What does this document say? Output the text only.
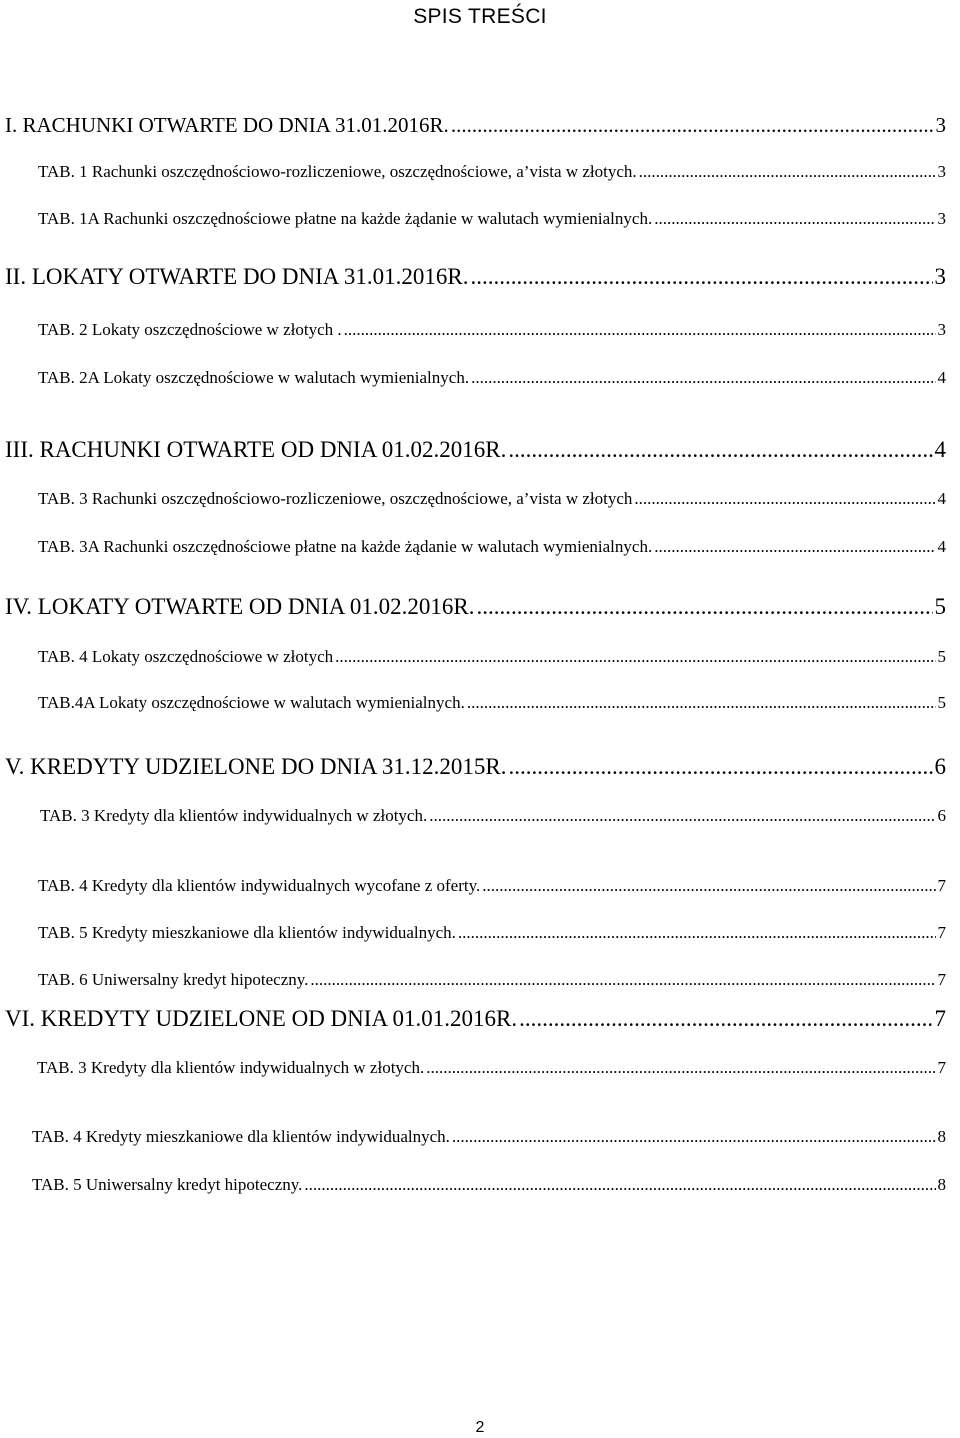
SPIS TREŚCI
I. RACHUNKI OTWARTE DO DNIA 31.01.2016R. .....	3
TAB. 1 Rachunki oszczędnościowo-rozliczeniowe, oszczędnościowe, a’vista w złotych. .....	3
TAB. 1A Rachunki oszczędnościowe płatne na każde żądanie w walutach wymienialnych. .....	3
II. LOKATY OTWARTE DO DNIA 31.01.2016R. .....	3
TAB. 2 Lokaty oszczędnościowe w złotych . .....	3
TAB. 2A Lokaty oszczędnościowe w walutach wymienialnych. .....	4
III. RACHUNKI OTWARTE OD DNIA 01.02.2016R. .....	4
TAB. 3 Rachunki oszczędnościowo-rozliczeniowe, oszczędnościowe, a’vista w złotych .....	4
TAB. 3A Rachunki oszczędnościowe płatne na każde żądanie w walutach wymienialnych. .....	4
IV. LOKATY OTWARTE OD DNIA 01.02.2016R. .....	5
TAB. 4 Lokaty oszczędnościowe w złotych .....	5
TAB.4A Lokaty oszczędnościowe w walutach wymienialnych. .....	5
V. KREDYTY UDZIELONE DO DNIA 31.12.2015R. .....	6
TAB. 3 Kredyty dla klientów indywidualnych w złotych. .....	6
TAB. 4 Kredyty dla klientów indywidualnych wycofane z oferty. .....	7
TAB. 5 Kredyty mieszkaniowe dla klientów indywidualnych. .....	7
TAB. 6 Uniwersalny kredyt hipoteczny. .....	7
VI. KREDYTY UDZIELONE OD DNIA 01.01.2016R. .....	7
TAB. 3 Kredyty dla klientów indywidualnych w złotych. .....	7
TAB. 4 Kredyty mieszkaniowe dla klientów indywidualnych. .....	8
TAB. 5 Uniwersalny kredyt hipoteczny. .....	8
2
